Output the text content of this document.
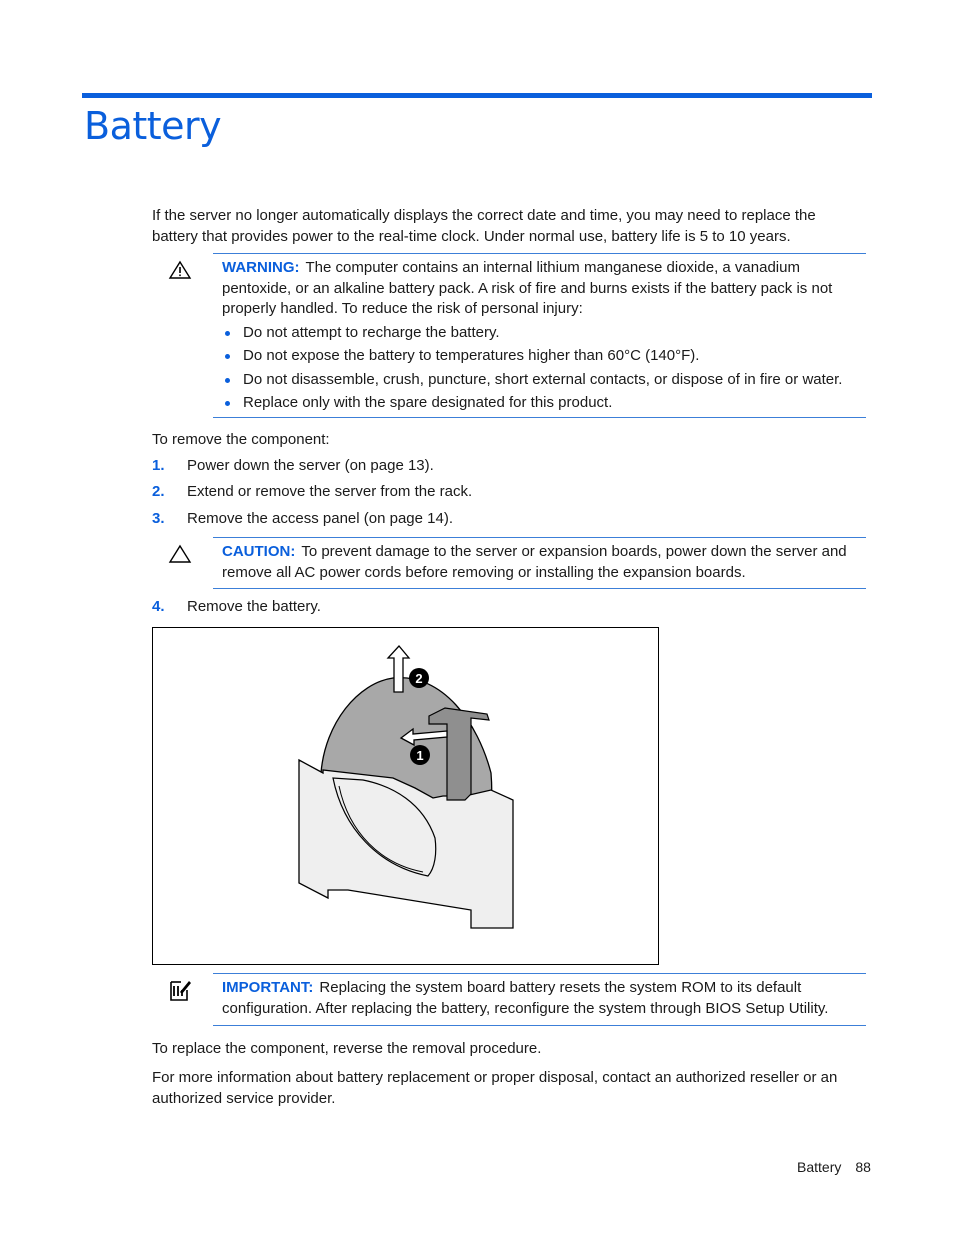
Battery
If the server no longer automatically displays the correct date and time, you may need to replace the battery that provides power to the real-time clock. Under normal use, battery life is 5 to 10 years.
WARNING: The computer contains an internal lithium manganese dioxide, a vanadium pentoxide, or an alkaline battery pack. A risk of fire and burns exists if the battery pack is not properly handled. To reduce the risk of personal injury:
Do not attempt to recharge the battery.
Do not expose the battery to temperatures higher than 60°C (140°F).
Do not disassemble, crush, puncture, short external contacts, or dispose of in fire or water.
Replace only with the spare designated for this product.
To remove the component:
1. Power down the server (on page 13).
2. Extend or remove the server from the rack.
3. Remove the access panel (on page 14).
CAUTION: To prevent damage to the server or expansion boards, power down the server and remove all AC power cords before removing or installing the expansion boards.
4. Remove the battery.
1
2
IMPORTANT: Replacing the system board battery resets the system ROM to its default configuration. After replacing the battery, reconfigure the system through BIOS Setup Utility.
To replace the component, reverse the removal procedure.
For more information about battery replacement or proper disposal, contact an authorized reseller or an authorized service provider.
Battery 88
